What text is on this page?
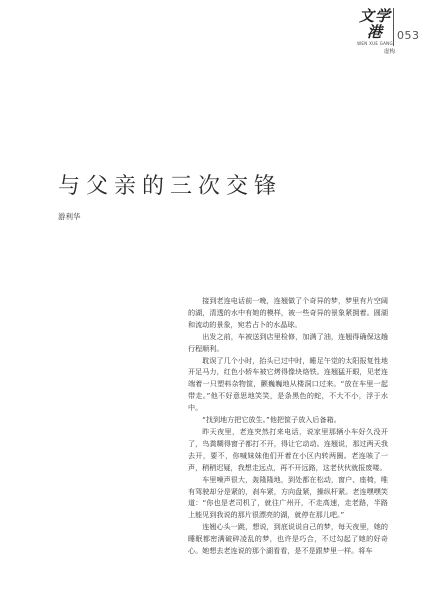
文学港
WEN XUE GANG
虚构
053
与父亲的三次交锋
游利华

接到老连电话前一晚，连翘做了个奇异的梦，梦里有片空阔的湖，清透的水中有她的模样，被一些奇异的景象紧拥着。圆湖和流动的景象，宛若占卜的水晶球。

出发之前，车被送到店里检修，加满了油，连翘得确保这趟行程顺利。

耽误了几个小时，抬头已过中时，睡足午觉的太阳报复性地开足马力，红色小轿车被它烤得像块烙铁。连翘猛开眼，见老连端着一只塑料杂物筐，颤巍巍地从楼洞口过来。“放在车里一起带走。”他不好意思地笑笑，是条黑色的蛇，不大不小，浮于水中。

“找到地方把它放生。”他把筐子放入后备箱。

昨天夜里，老连突然打来电话，说家里那辆小车好久没开了，鸟粪糊得窗子都打不开，得让它动动。连翘说，那过两天我去开，要不，你喊妹妹他们开着在小区内转两圈。老连咳了一声，稍稍迟疑，我想走远点，再不开远路，这老伙伙就报废喽。

车里噪声很大，轰隆隆地，到处都在松动，窗户、座椅，唯有驾驶却分是紧的，刹车紧，方向盘紧，操纵杆紧。老连嘿嘿笑道：“你也是老司机了，就往广州开，不走高速，走老路，半路上能见到我说的那片很漂亮的湖，就停在那儿吧。”

连翘心头一跳，想说，到底说说自己的梦，每天夜里，她的睡眠都密满破碎凌乱的梦，也许是巧合，不过勾起了她的好奇心。她想去老连说的那个湖看看，是不是跟梦里一样。将车
